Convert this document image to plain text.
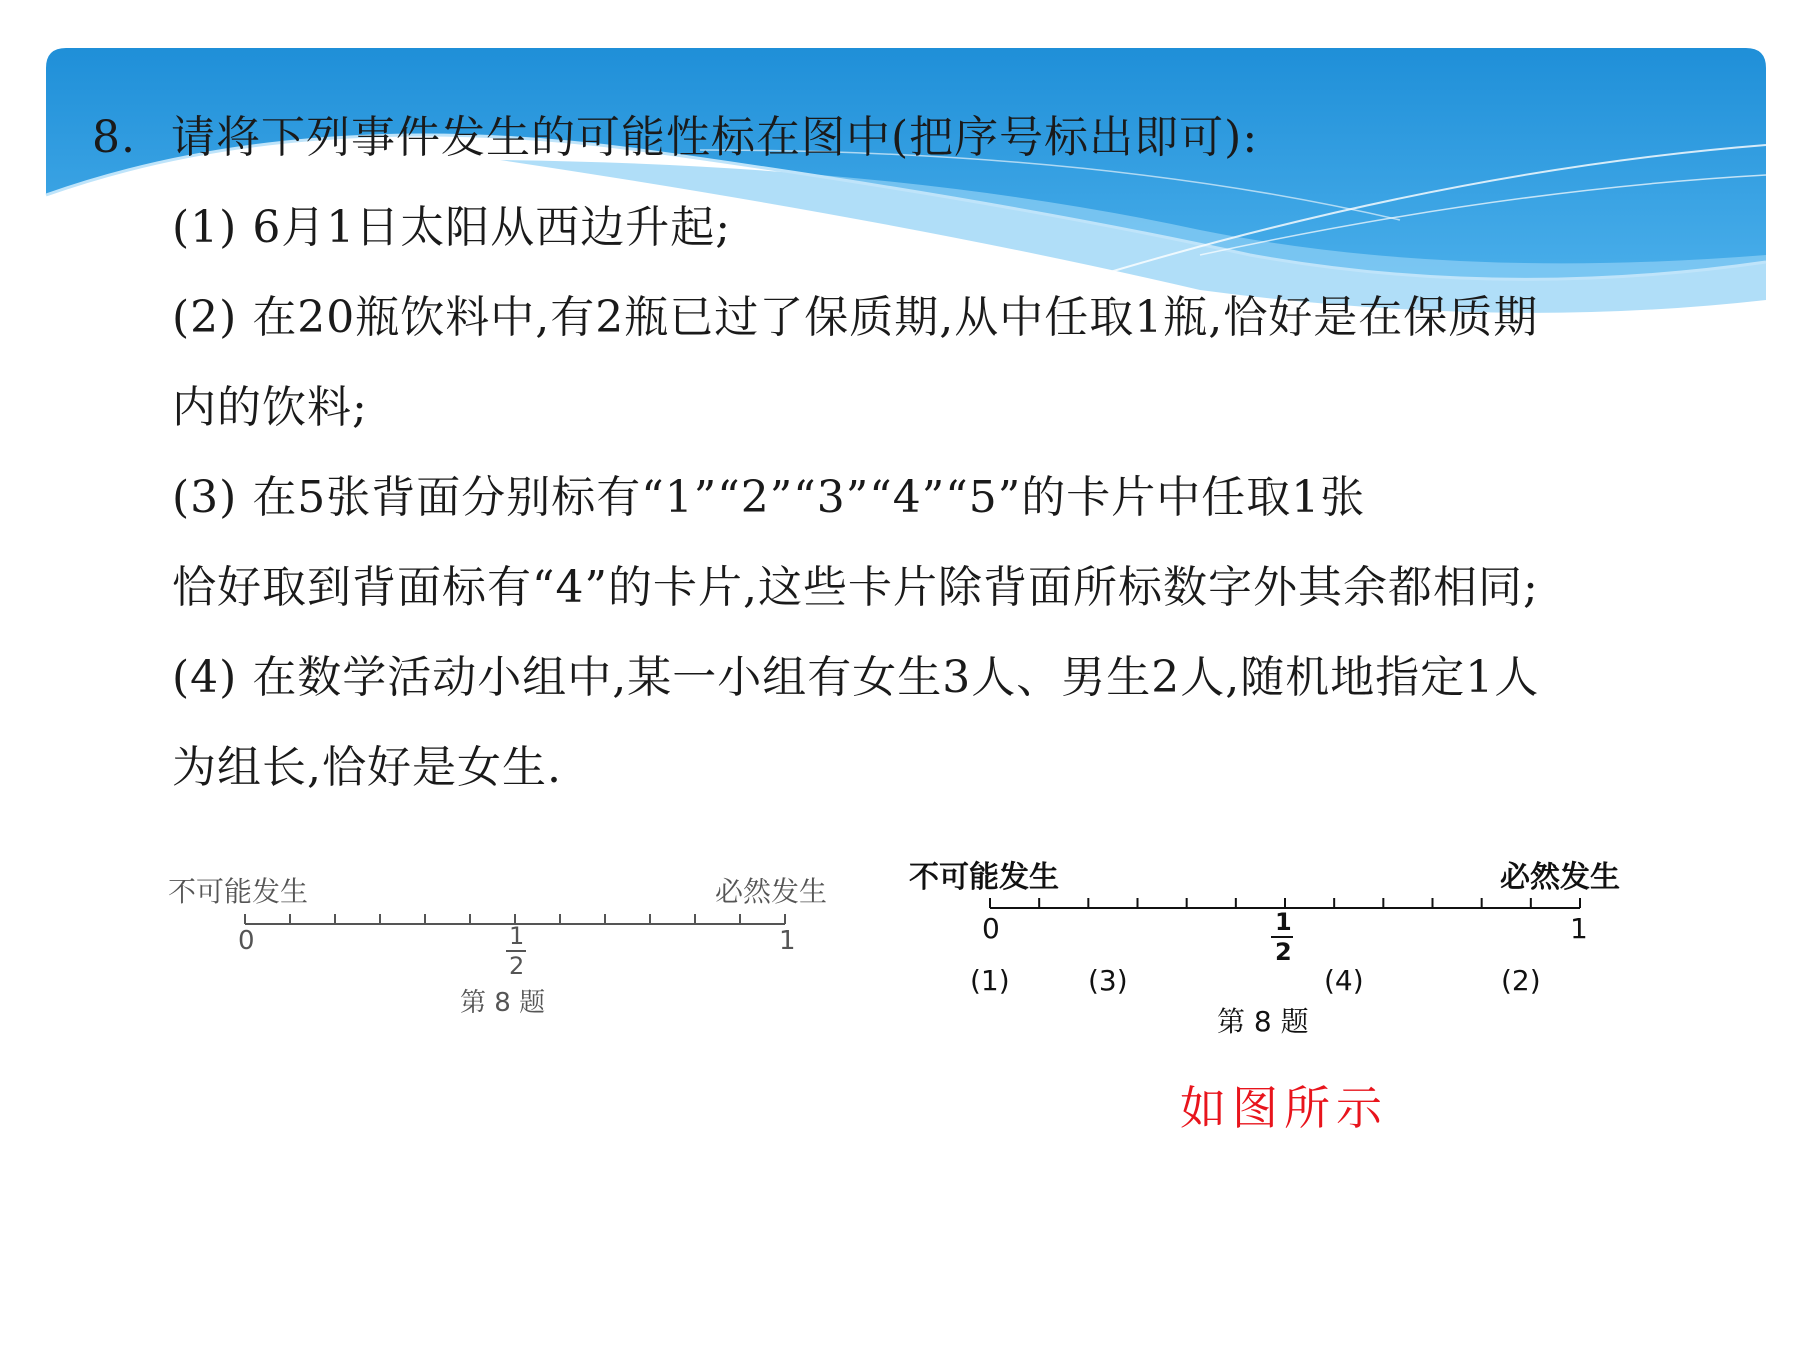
8. 请将下列事件发生的可能性标在图中(把序号标出即可):
(1) 6月1日太阳从西边升起;
(2) 在20瓶饮料中,有2瓶已过了保质期,从中任取1瓶,恰好是在保质期
内的饮料;
(3) 在5张背面分别标有“1”“2”“3”“4”“5”的卡片中任取1张
恰好取到背面标有“4”的卡片,这些卡片除背面所标数字外其余都相同;
(4) 在数学活动小组中,某一小组有女生3人、男生2人,随机地指定1人
为组长,恰好是女生.
不可能发生	必然发生
0	1
1
2
第 8 题
不可能发生	必然发生
0	1
1
2
(1)	(3)	(4)	(2)
第 8 题
如图所示
